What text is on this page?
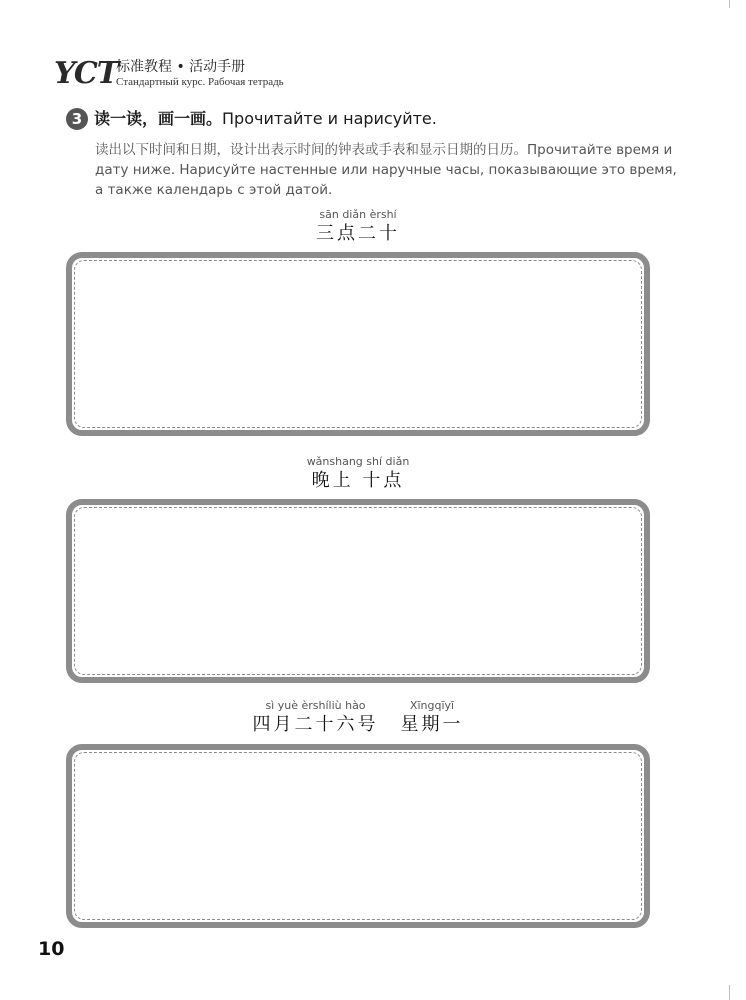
YCT
标准教程 • 活动手册
Стандартный курс. Рабочая тетрадь
3 读一读，画一画。Прочитайте и нарисуйте.

读出以下时间和日期，设计出表示时间的钟表或手表和显示日期的日历。Прочитайте время и дату ниже. Нарисуйте настенные или наручные часы, показывающие это время, а также календарь с этой датой.

sān diǎn èrshí
三点二十
wǎnshang shí diǎn
晚上 十点
sì yuè èrshíliù hào
四月二十六号
Xīngqīyī
星期一
10
